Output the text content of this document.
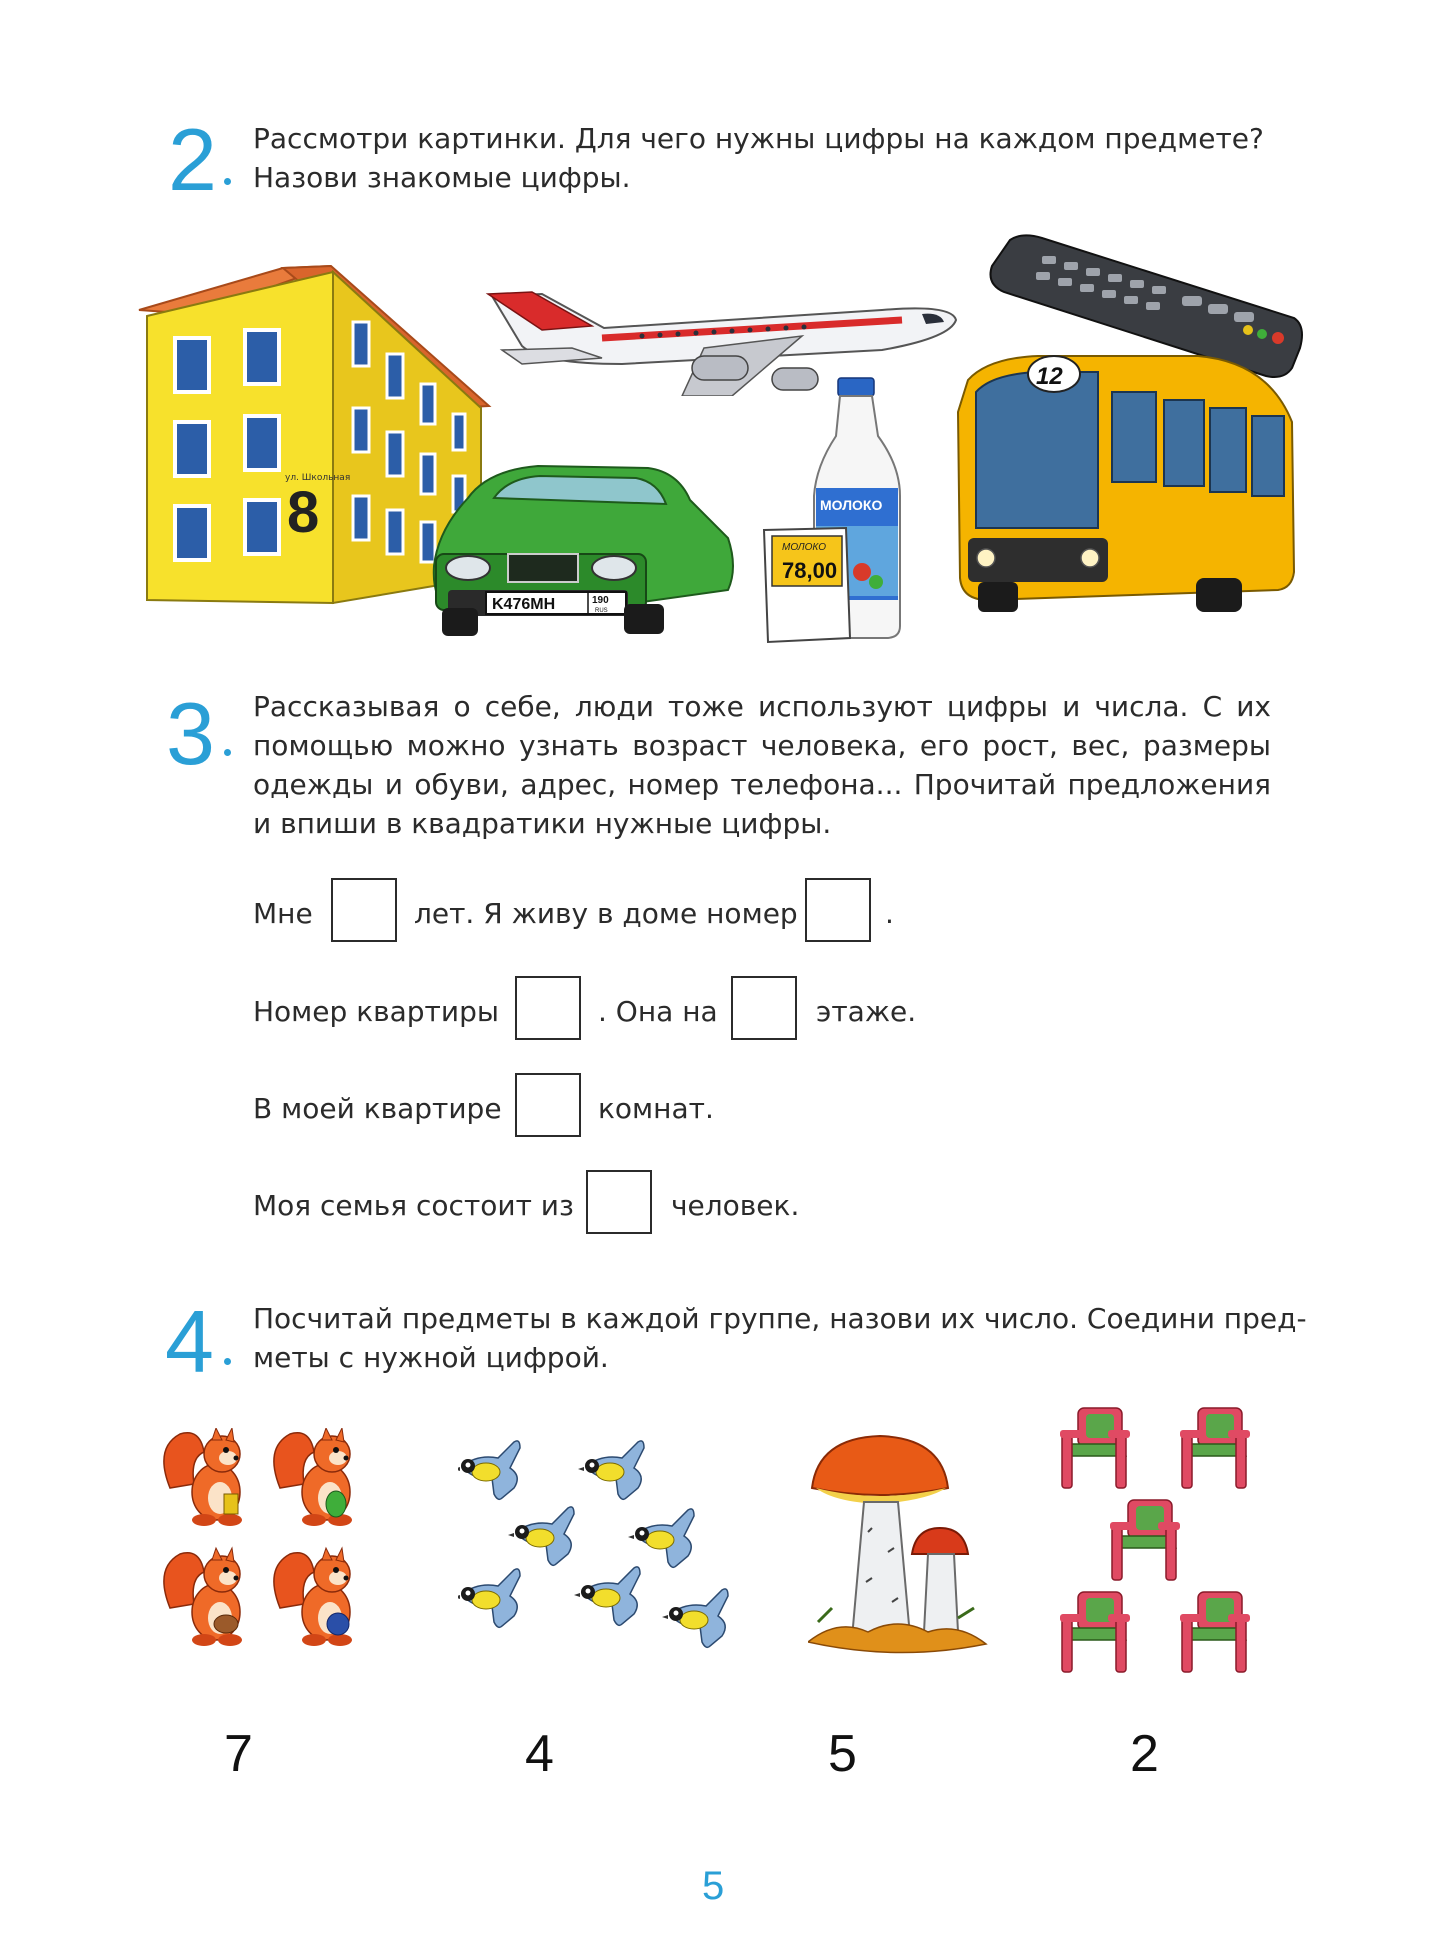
2 Рассмотри картинки. Для чего нужны цифры на каждом предмете?
Назови знакомые цифры.

ул. Школьная
8
K476MH	190
RUS
МОЛОКО
МОЛОКО
78,00
12
3 Рассказывая о себе, люди тоже используют цифры и числа. С их
помощью можно узнать возраст человека, его рост, вес, размеры
одежды и обуви, адрес, номер телефона... Прочитай предложения
и впиши в квадратики нужные цифры.

Мне	лет. Я живу в доме номер	.
Номер квартиры	. Она на	этаже.
В моей квартире	комнат.
Моя семья состоит из	человек.
4 Посчитай предметы в каждой группе, назови их число. Соедини пред-
меты с нужной цифрой.

7	4	5	2
5
